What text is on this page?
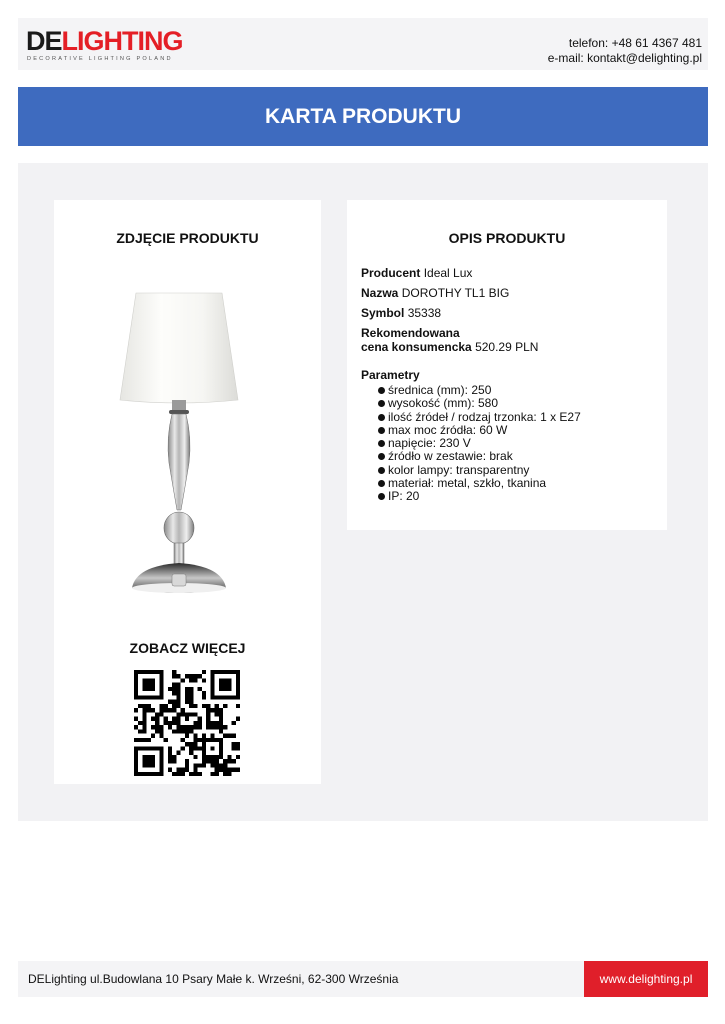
DELIGHTING
DECORATIVE LIGHTING POLAND
telefon: +48 61 4367 481
e-mail: kontakt@delighting.pl
KARTA PRODUKTU
ZDJĘCIE PRODUKTU
ZOBACZ WIĘCEJ
OPIS PRODUKTU
Producent Ideal Lux
Nazwa DOROTHY TL1 BIG
Symbol 35338
Rekomendowana
cena konsumencka 520.29 PLN
Parametry
średnica (mm): 250
wysokość (mm): 580
ilość źródeł / rodzaj trzonka: 1 x E27
max moc źródła: 60 W
napięcie: 230 V
źródło w zestawie: brak
kolor lampy: transparentny
materiał: metal, szkło, tkanina
IP: 20
DELighting ul.Budowlana 10 Psary Małe k. Wrześni, 62-300 Września	www.delighting.pl
